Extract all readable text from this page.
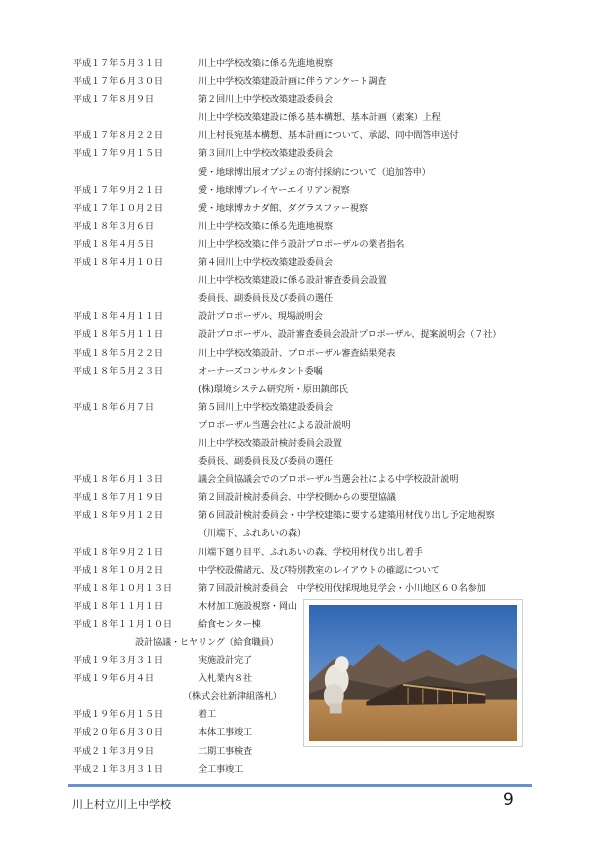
平成１７年５月３１日	川上中学校改築に係る先進地視察
平成１７年６月３０日	川上中学校改築建設計画に伴うアンケート調査
平成１７年８月９日	第２回川上中学校改築建設委員会
川上中学校改築建設に係る基本構想、基本計画（素案）上程
平成１７年８月２２日	川上村長宛基本構想、基本計画について、承認、同中間答申送付
平成１７年９月１５日	第３回川上中学校改築建設委員会
愛・地球博出展オブジェの寄付採納について（追加答申）
平成１７年９月２１日	愛・地球博プレイヤーエイリアン視察
平成１７年１０月２日	愛・地球博カナダ館、ダグラスファー視察
平成１８年３月６日	川上中学校改築に係る先進地視察
平成１８年４月５日	川上中学校改築に伴う設計プロポーザルの業者指名
平成１８年４月１０日	第４回川上中学校改築建設委員会
川上中学校改築建設に係る設計審査委員会設置
委員長、副委員長及び委員の選任
平成１８年４月１１日	設計プロポーザル、現場説明会
平成１８年５月１１日	設計プロポーザル、設計審査委員会設計プロポーザル、提案説明会（７社）
平成１８年５月２２日	川上中学校改築設計、プロポーザル審査結果発表
平成１８年５月２３日	オーナーズコンサルタント委嘱
(株)環境システム研究所・原田鎮郎氏
平成１８年６月７日	第５回川上中学校改築建設委員会
プロポーザル当選会社による設計説明
川上中学校改築設計検討委員会設置
委員長、副委員長及び委員の選任
平成１８年６月１３日	議会全員協議会でのプロポーザル当選会社による中学校設計説明
平成１８年７月１９日	第２回設計検討委員会、中学校側からの要望協議
平成１８年９月１２日	第６回設計検討委員会・中学校建築に要する建築用材伐り出し予定地視察
（川端下、ふれあいの森）
平成１８年９月２１日	川端下廻り目平、ふれあいの森、学校用材伐り出し着手
平成１８年１０月２日	中学校設備諸元、及び特別教室のレイアウトの確認について
平成１８年１０月１３日	第７回設計検討委員会　中学校用伐採現地見学会・小川地区６０名参加
平成１８年１１月１日	木材加工施設視察・岡山
平成１８年１１月１０日	給食センター棟
設計協議・ヒヤリング（給食職員）
平成１９年３月３１日	実施設計完了
平成１９年６月４日	入札業内８社
（株式会社新津組落札）
平成１９年６月１５日	着工
平成２０年６月３０日	本体工事竣工
平成２１年３月９日	二期工事検査
平成２１年３月３１日	全工事竣工
川上村立川上中学校	9
